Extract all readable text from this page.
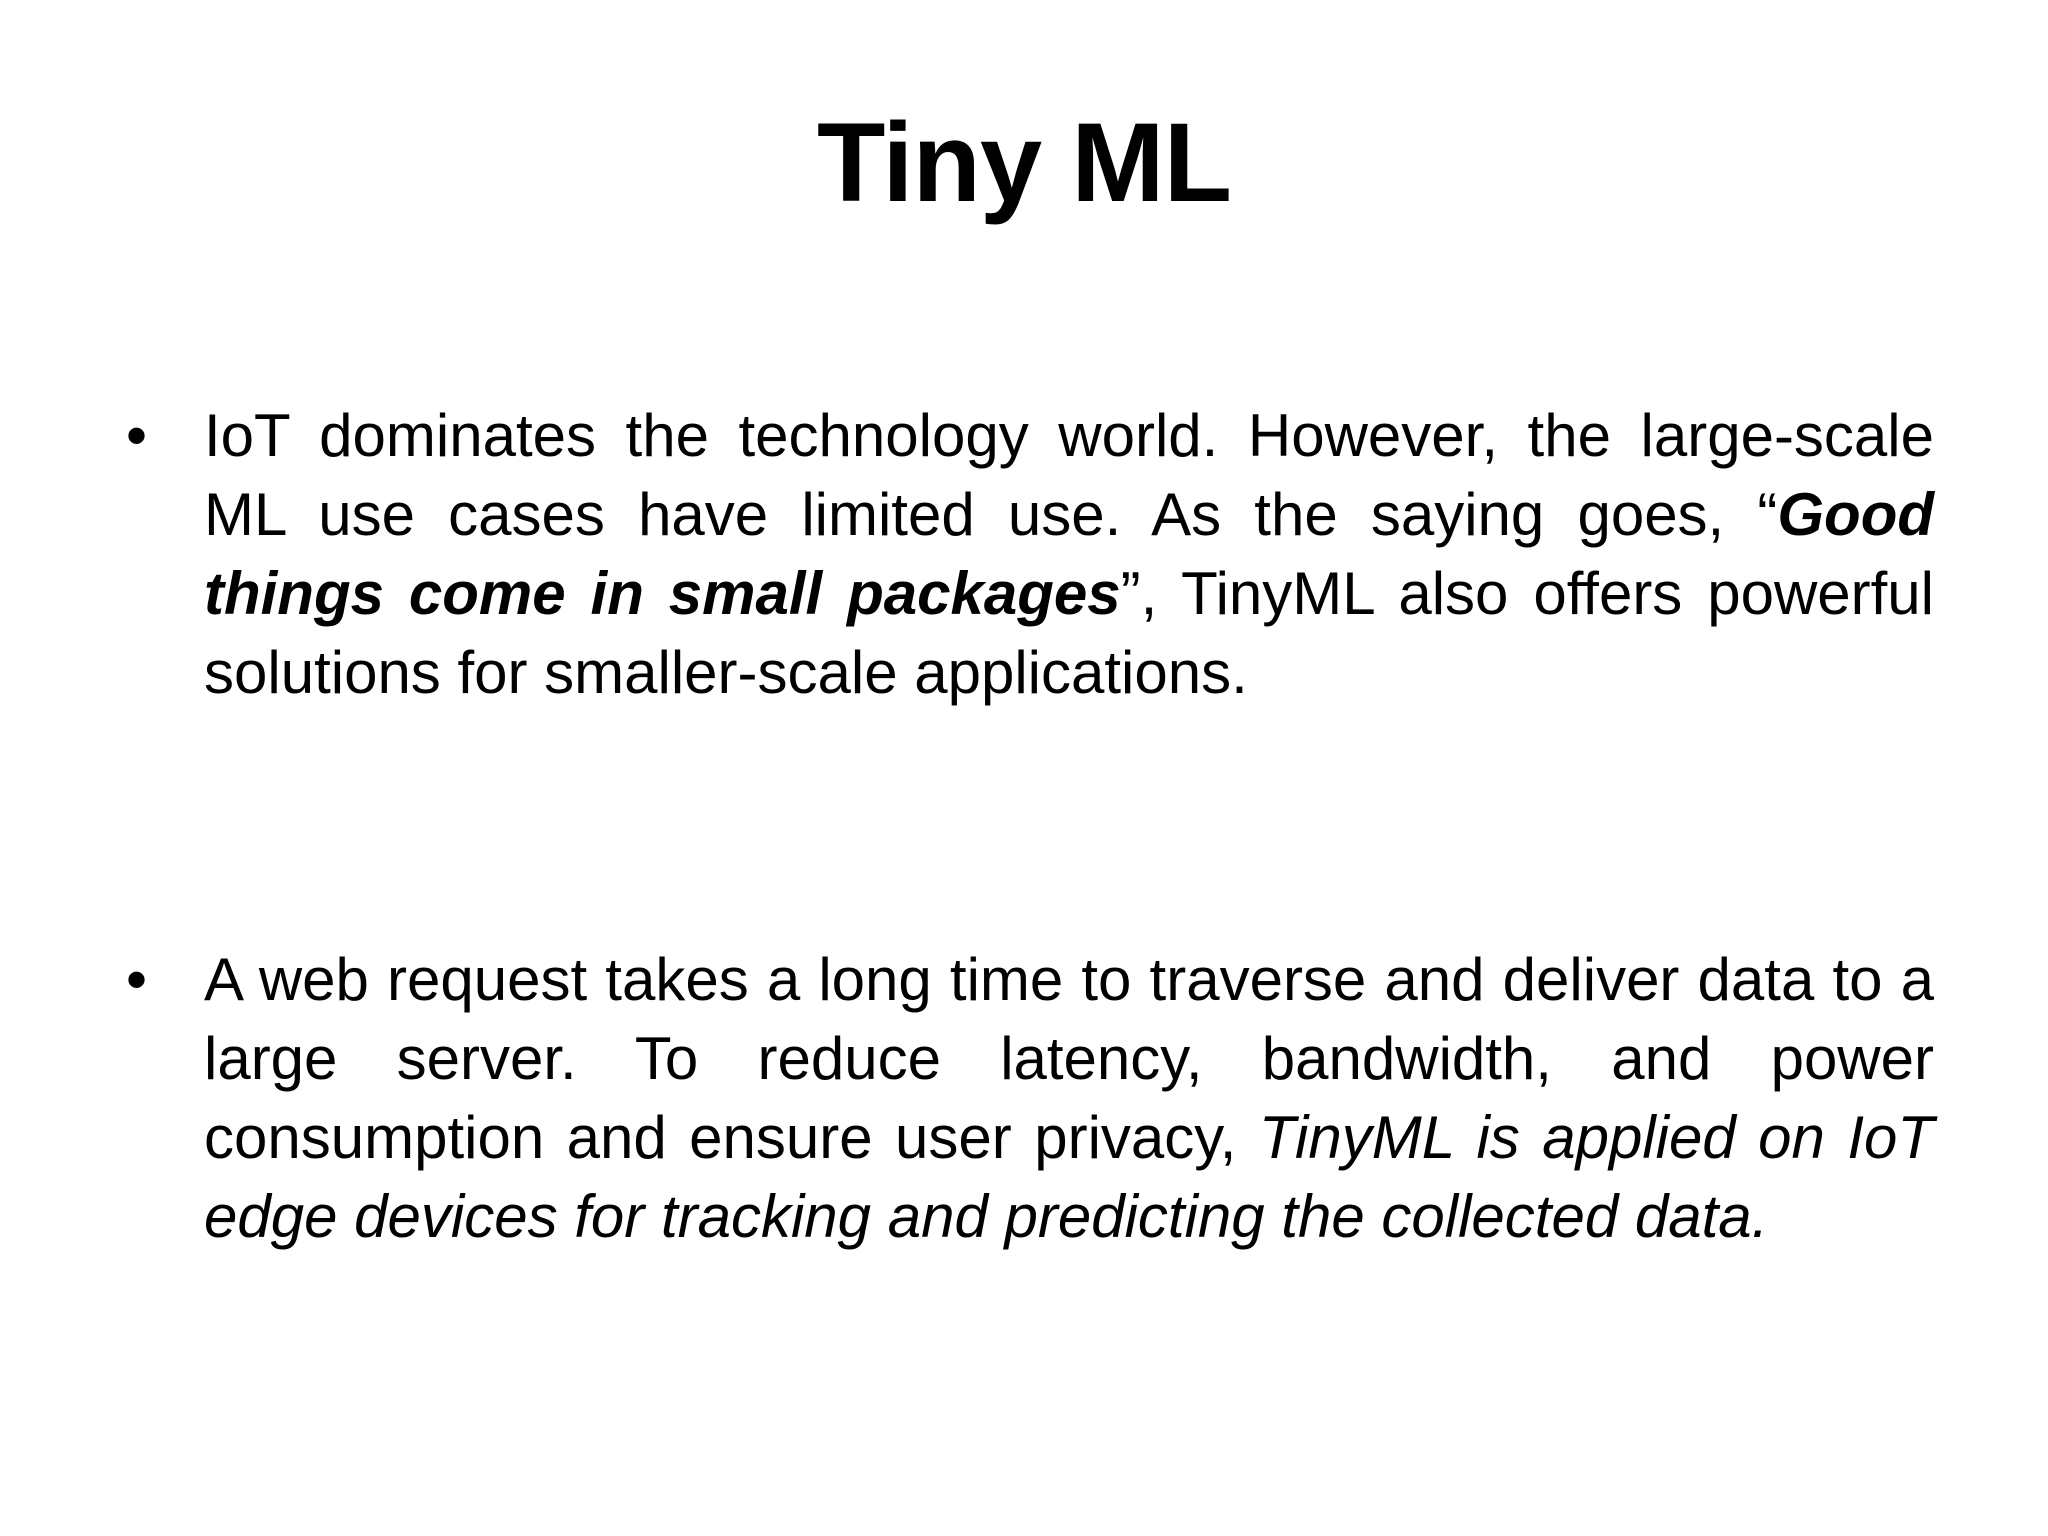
Tiny ML
• IoT dominates the technology world. However, the large-scale ML use cases have limited use. As the saying goes, “Good things come in small packages”, TinyML also offers powerful solutions for smaller-scale applications.
• A web request takes a long time to traverse and deliver data to a large server. To reduce latency, bandwidth, and power consumption and ensure user privacy, TinyML is applied on IoT edge devices for tracking and predicting the collected data.
